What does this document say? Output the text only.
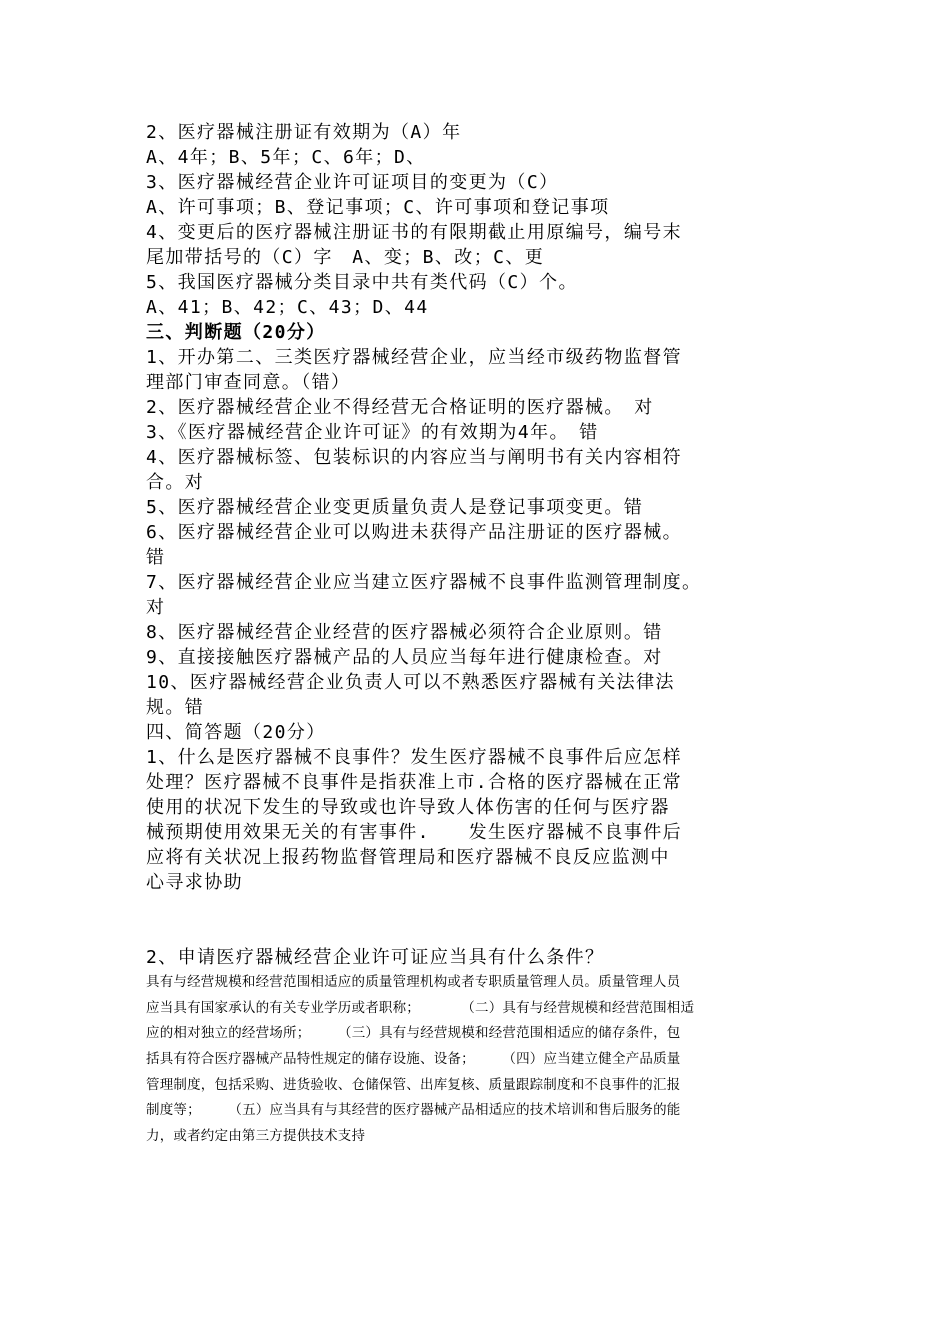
2、医疗器械注册证有效期为（A）年
A、4年；B、5年；C、6年；D、
3、医疗器械经营企业许可证项目的变更为（C）
A、许可事项；B、登记事项；C、许可事项和登记事项
4、变更后的医疗器械注册证书的有限期截止用原编号，编号末
尾加带括号的（C）字　A、变；B、改；C、更
5、我国医疗器械分类目录中共有类代码（C）个。
A、41；B、42；C、43；D、44
三、判断题（20分）
1、开办第二、三类医疗器械经营企业，应当经市级药物监督管
理部门审查同意。（错）
2、医疗器械经营企业不得经营无合格证明的医疗器械。　对
3、《医疗器械经营企业许可证》的有效期为4年。　错
4、医疗器械标签、包装标识的内容应当与阐明书有关内容相符
合。对
5、医疗器械经营企业变更质量负责人是登记事项变更。错
6、医疗器械经营企业可以购进未获得产品注册证的医疗器械。
错
7、医疗器械经营企业应当建立医疗器械不良事件监测管理制度。
对
8、医疗器械经营企业经营的医疗器械必须符合企业原则。错
9、直接接触医疗器械产品的人员应当每年进行健康检查。对
10、医疗器械经营企业负责人可以不熟悉医疗器械有关法律法
规。错
四、简答题（20分）
1、什么是医疗器械不良事件？发生医疗器械不良事件后应怎样
处理？医疗器械不良事件是指获准上市.合格的医疗器械在正常
使用的状况下发生的导致或也许导致人体伤害的任何与医疗器
械预期使用效果无关的有害事件.　　发生医疗器械不良事件后
应将有关状况上报药物监督管理局和医疗器械不良反应监测中
心寻求协助
2、申请医疗器械经营企业许可证应当具有什么条件？
具有与经营规模和经营范围相适应的质量管理机构或者专职质量管理人员。质量管理人员
应当具有国家承认的有关专业学历或者职称；　　　　（二）具有与经营规模和经营范围相适
应的相对独立的经营场所；　　　（三）具有与经营规模和经营范围相适应的储存条件，包
括具有符合医疗器械产品特性规定的储存设施、设备；　　　（四）应当建立健全产品质量
管理制度，包括采购、进货验收、仓储保管、出库复核、质量跟踪制度和不良事件的汇报
制度等；　　　（五）应当具有与其经营的医疗器械产品相适应的技术培训和售后服务的能
力，或者约定由第三方提供技术支持
